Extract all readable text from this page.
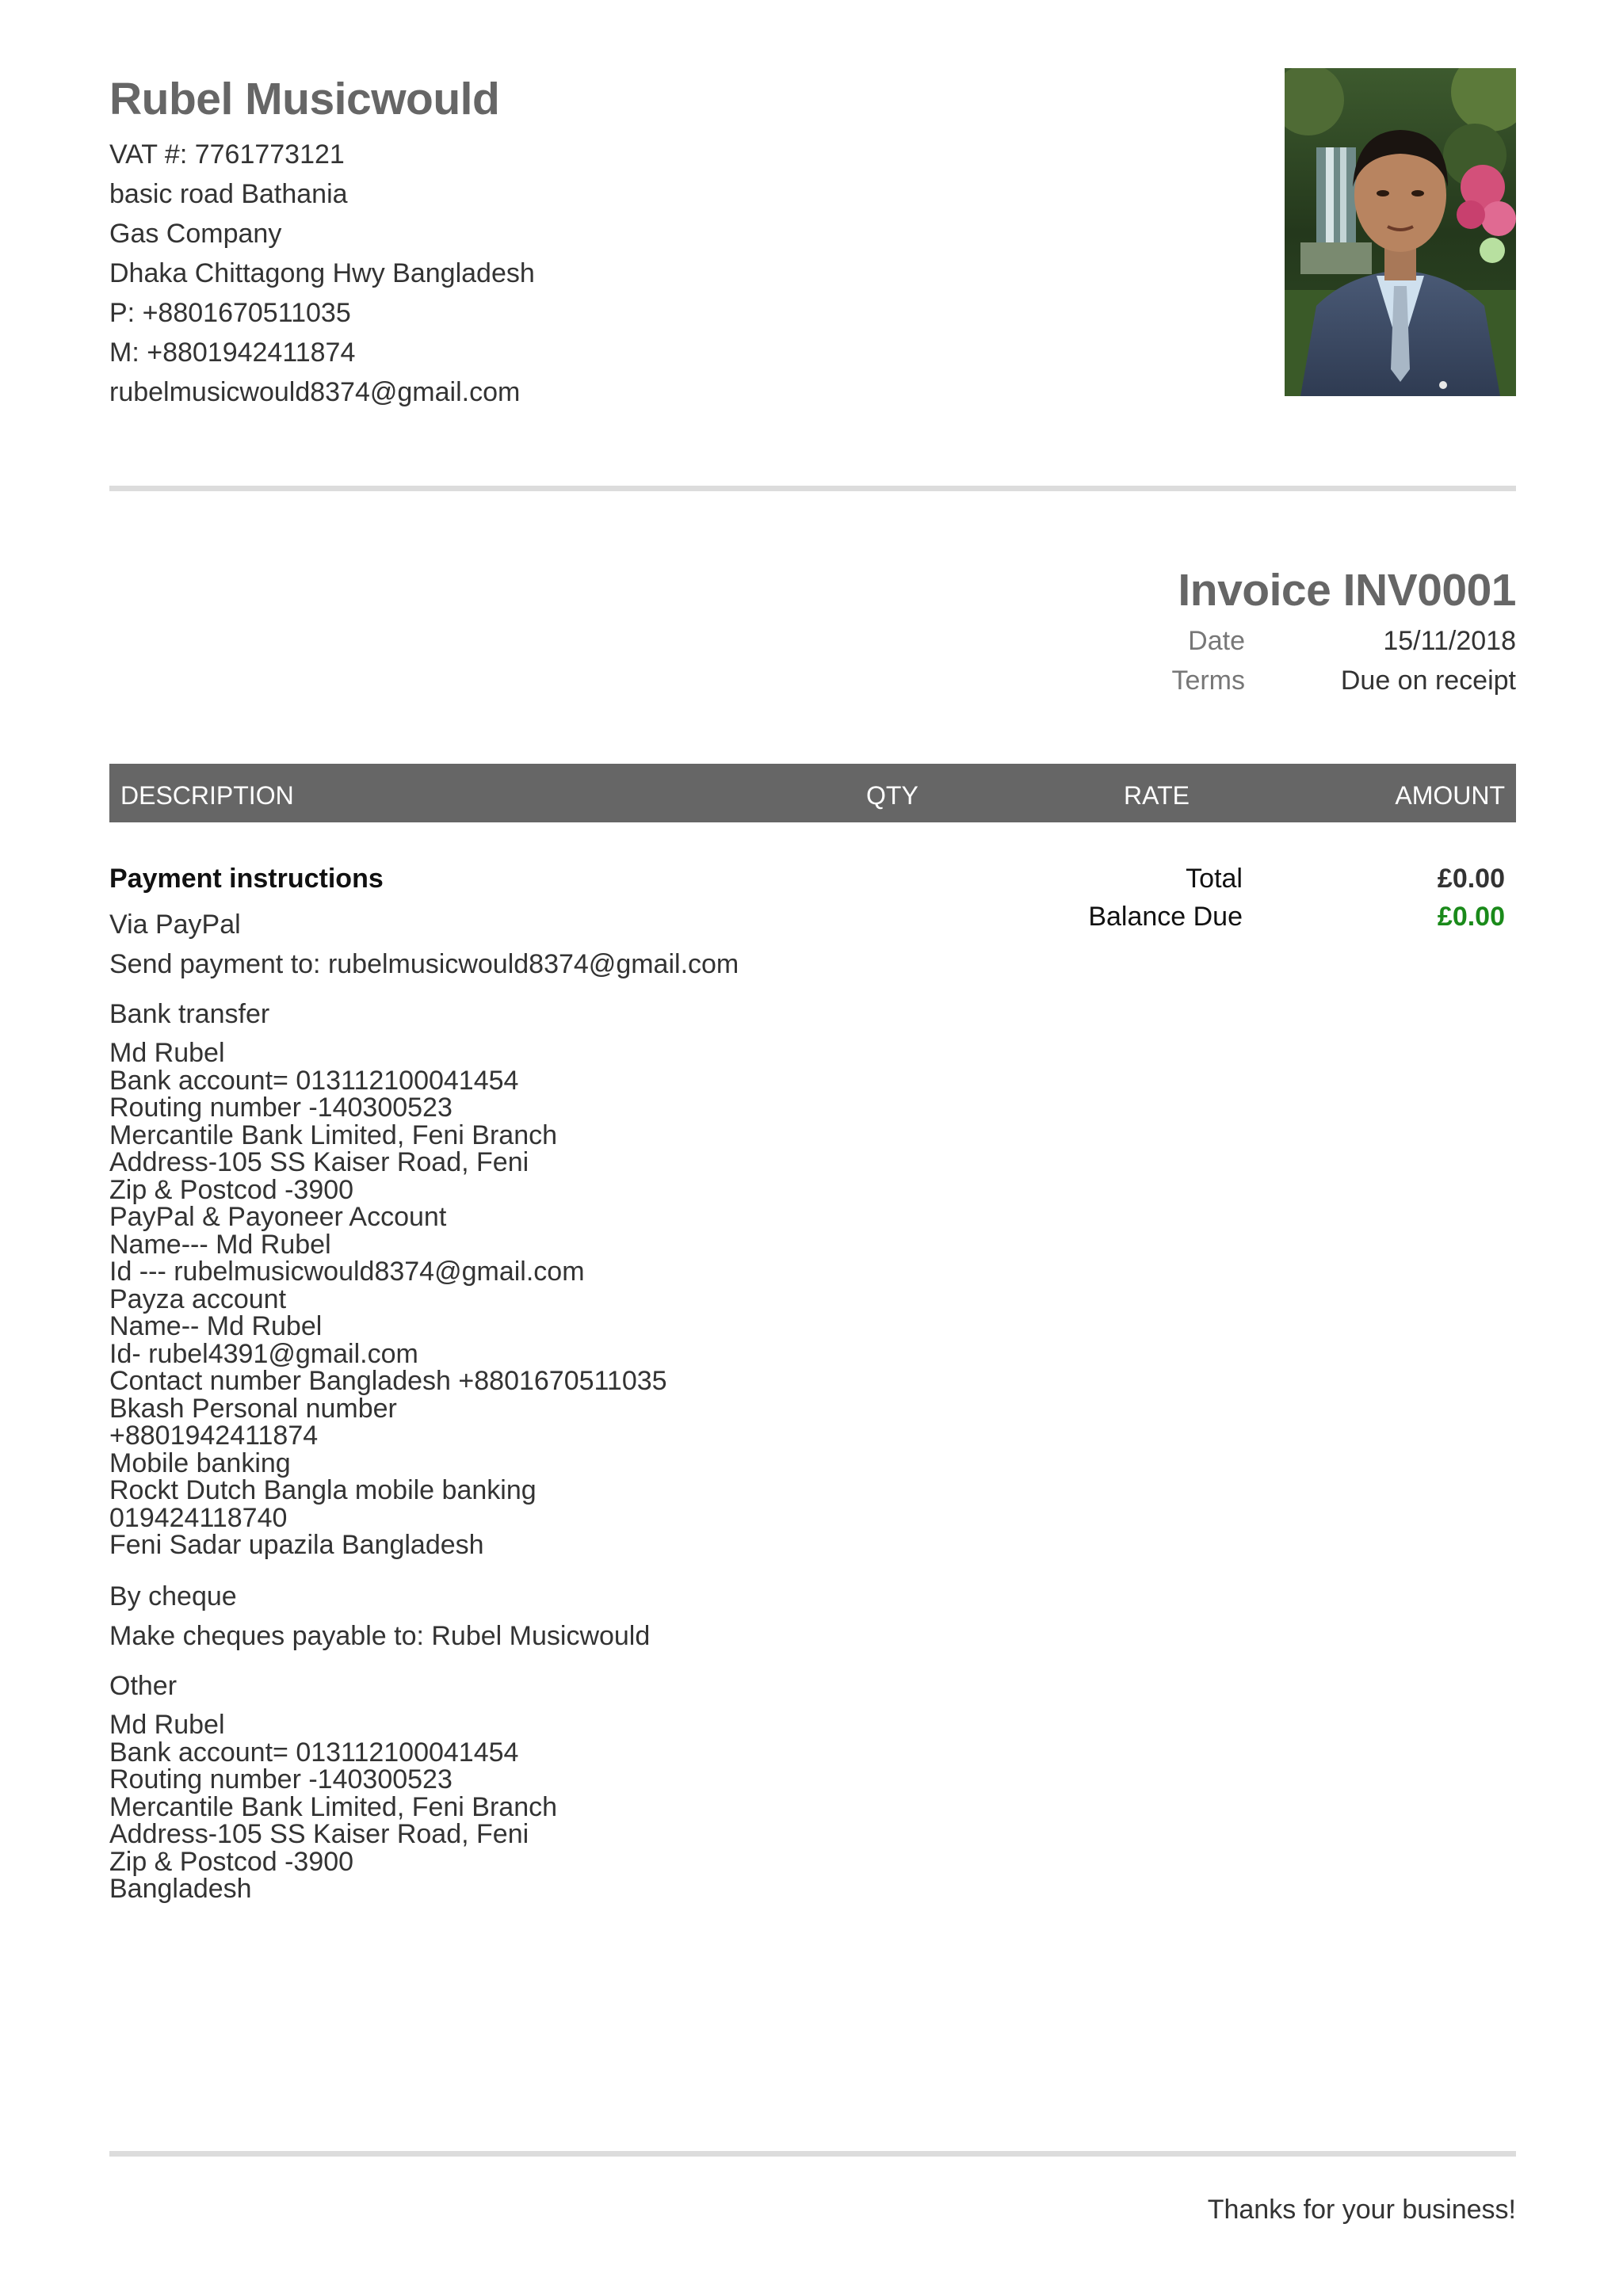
Rubel Musicwould
VAT #: 7761773121
basic road Bathania
Gas Company
Dhaka Chittagong Hwy Bangladesh
P: +8801670511035
M: +8801942411874
rubelmusicwould8374@gmail.com
Invoice INV0001
Date	15/11/2018
Terms	Due on receipt
DESCRIPTION	QTY	RATE	AMOUNT
Total	£0.00
Balance Due	£0.00
Payment instructions
Via PayPal
Send payment to: rubelmusicwould8374@gmail.com
Bank transfer
Md Rubel
Bank account= 013112100041454
Routing number -140300523
Mercantile Bank Limited, Feni Branch
Address-105 SS Kaiser Road, Feni
Zip & Postcod -3900
PayPal & Payoneer Account
Name--- Md Rubel
Id --- rubelmusicwould8374@gmail.com
Payza account
Name-- Md Rubel
Id- rubel4391@gmail.com
Contact number Bangladesh +8801670511035
Bkash Personal number
+8801942411874
Mobile banking
Rockt Dutch Bangla mobile banking
019424118740
Feni Sadar upazila Bangladesh
By cheque
Make cheques payable to: Rubel Musicwould
Other
Md Rubel
Bank account= 013112100041454
Routing number -140300523
Mercantile Bank Limited, Feni Branch
Address-105 SS Kaiser Road, Feni
Zip & Postcod -3900
Bangladesh
Thanks for your business!
